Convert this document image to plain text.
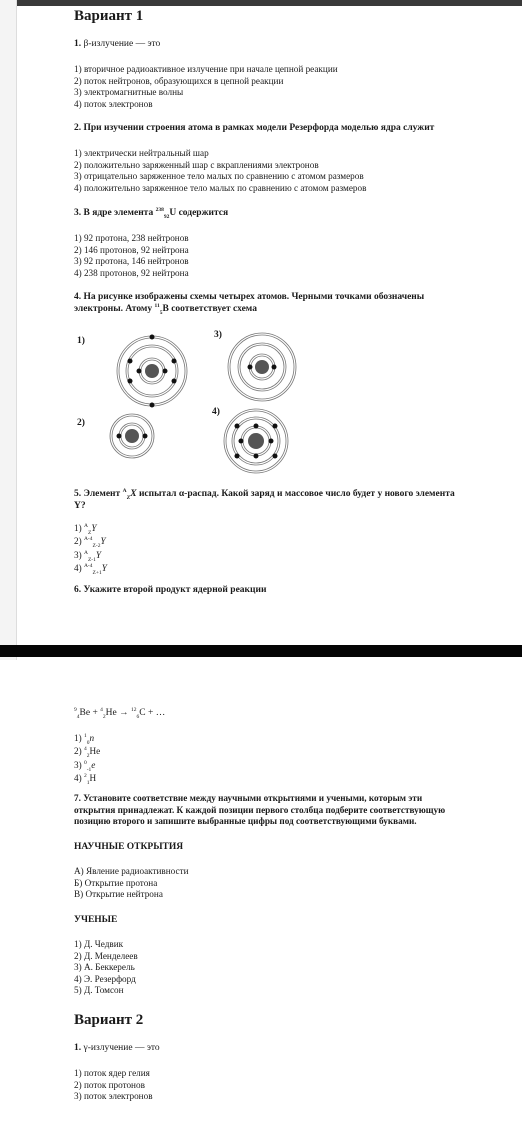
Вариант 1
1. β-излучение — это
1) вторичное радиоактивное излучение при начале цепной реакции
2) поток нейтронов, образующихся в цепной реакции
3) электромагнитные волны
4) поток электронов
2. При изучении строения атома в рамках модели Резерфорда моделью ядра служит
1) электрически нейтральный шар
2) положительно заряженный шар с вкраплениями электронов
3) отрицательно заряженное тело малых по сравнению с атомом размеров
4) положительно заряженное тело малых по сравнению с атомом размеров
3. В ядре элемента $^{238}_{92}$U содержится
1) 92 протона, 238 нейтронов
2) 146 протонов, 92 нейтрона
3) 92 протона, 146 нейтронов
4) 238 протонов, 92 нейтрона
4. На рисунке изображены схемы четырех атомов. Черными точками обозначены
электроны. Атому $^{11}_5$B соответствует схема
1)
2)
3)
4)
5. Элемент $^A_Z$X испытал α-распад. Какой заряд и массовое число будет у нового элемента
Y?
1) $^A_Z$Y
2) $^{A-4}_{Z-2}$Y
3) $^A_{Z-1}$Y
4) $^{A-4}_{Z+1}$Y
6. Укажите второй продукт ядерной реакции
$^9_4$Be + $^4_2$He → $^{12}_6$C + …
1) $^1_0$n
2) $^4_2$He
3) $^0_{-1}$e
4) $^2_1$H
7. Установите соответствие между научными открытиями и учеными, которым эти
открытия принадлежат. К каждой позиции первого столбца подберите соответствующую
позицию второго и запишите выбранные цифры под соответствующими буквами.
НАУЧНЫЕ ОТКРЫТИЯ
А) Явление радиоактивности
Б) Открытие протона
В) Открытие нейтрона
УЧЕНЫЕ
1) Д. Чедвик
2) Д. Менделеев
3) А. Беккерель
4) Э. Резерфорд
5) Д. Томсон
Вариант 2
1. γ-излучение — это
1) поток ядер гелия
2) поток протонов
3) поток электронов
